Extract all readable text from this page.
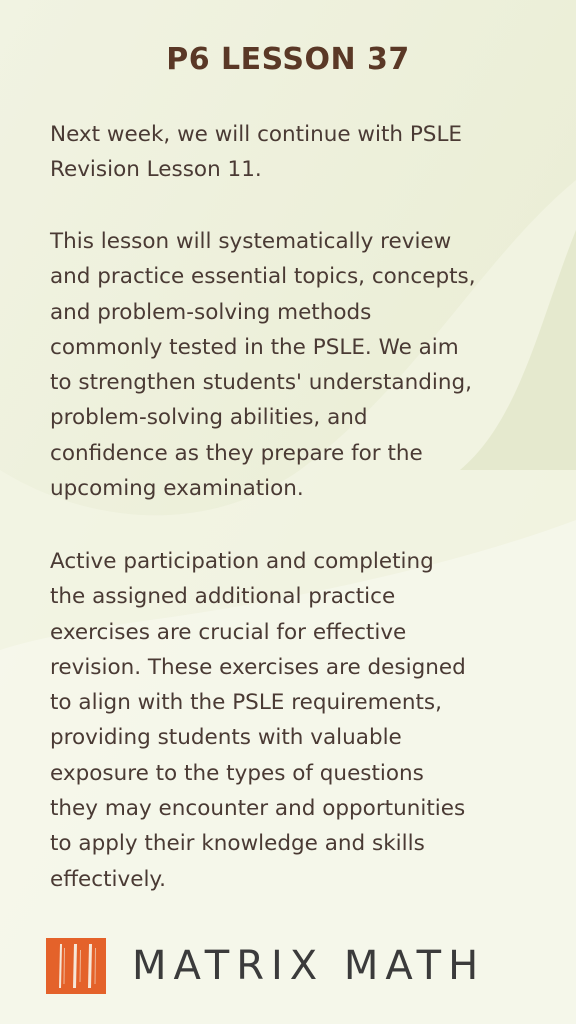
P6 LESSON 37

Next week, we will continue with PSLE
Revision Lesson 11.

This lesson will systematically review
and practice essential topics, concepts,
and problem-solving methods
commonly tested in the PSLE. We aim
to strengthen students' understanding,
problem-solving abilities, and
confidence as they prepare for the
upcoming examination.

Active participation and completing
the assigned additional practice
exercises are crucial for effective
revision. These exercises are designed
to align with the PSLE requirements,
providing students with valuable
exposure to the types of questions
they may encounter and opportunities
to apply their knowledge and skills
effectively.

MATRIX MATH
